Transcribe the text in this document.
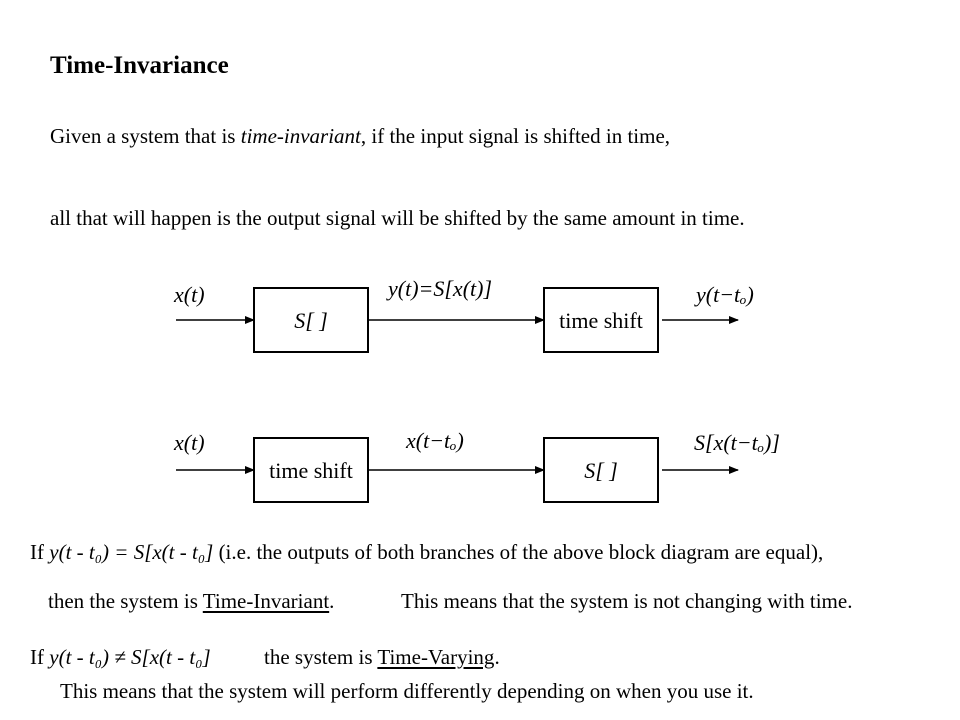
Time-Invariance
Given a system that is time-invariant, if the input signal is shifted in time,
all that will happen is the output signal will be shifted by the same amount in time.
x(t)
S[ ]
y(t)=S[x(t)]
time shift
y(t−tₒ)
x(t)
time shift
x(t−tₒ)
S[ ]
S[x(t−tₒ)]
If y(t - t₀) = S[x(t - t₀] (i.e. the outputs of both branches of the above block diagram are equal),
then the system is Time-Invariant.	This means that the system is not changing with time.
If y(t - t₀) ≠ S[x(t - t₀]	the system is Time-Varying.
This means that the system will perform differently depending on when you use it.
